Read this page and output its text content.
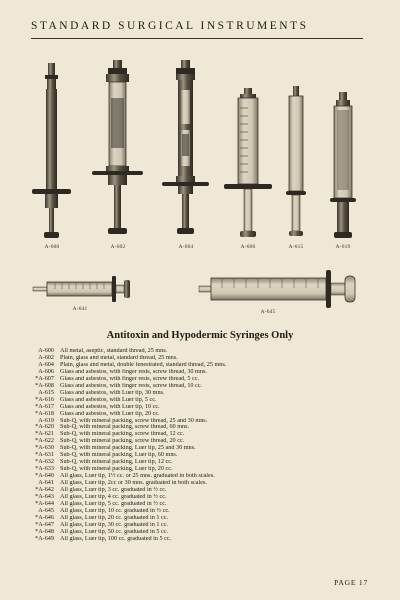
STANDARD SURGICAL INSTRUMENTS
A-600	A-602	A-604	A-606	A-615	A-619
A-641	A-645
Antitoxin and Hypodermic Syringes Only
A-600 All metal, aseptic, standard thread, 25 mns.
A-602 Plain, glass and metal, standard thread, 25 mns.
A-604 Plain, glass and metal, double fenestrated, standard thread, 25 mns.
A-606 Glass and asbestos, with finger rests, screw thread, 30 mns.
*A-607 Glass and asbestos, with finger rests, screw thread, 5 cc.
*A-608 Glass and asbestos, with finger rests, screw thread, 10 cc.
A-615 Glass and asbestos, with Luer tip, 30 mns.
*A-616 Glass and asbestos, with Luer tip, 5 cc.
*A-617 Glass and asbestos, with Luer tip, 10 cc.
*A-618 Glass and asbestos, with Luer tip, 20 cc.
A-619 Sub-Q, with mineral packing, screw thread, 25 and 30 mns.
*A-620 Sub-Q, with mineral packing, screw thread, 60 mns.
*A-621 Sub-Q, with mineral packing, screw thread, 12 cc.
*A-622 Sub-Q, with mineral packing, screw thread, 20 cc.
*A-630 Sub-Q, with mineral packing, Luer tip, 25 and 30 mns.
*A-631 Sub-Q, with mineral packing, Luer tip, 60 mns.
*A-632 Sub-Q, with mineral packing, Luer tip, 12 cc.
*A-633 Sub-Q, with mineral packing, Luer tip, 20 cc.
*A-640 All glass, Luer tip, 1½ cc. or 25 mns. graduated in both scales.
A-641 All glass, Luer tip, 2cc or 30 mns. graduated in both scales.
*A-642 All glass, Luer tip, 3 cc. graduated in ½ cc.
*A-643 All glass, Luer tip, 4 cc. graduated in ½ cc.
*A-644 All glass, Luer tip, 5 cc. graduated in ½ cc.
A-645 All glass, Luer tip, 10 cc. graduated in ½ cc.
*A-646 All glass, Luer tip, 20 cc. graduated in 1 cc.
*A-647 All glass, Luer tip, 30 cc. graduated in 1 cc.
*A-648 All glass, Luer tip, 50 cc. graduated in 5 cc.
*A-649 All glass, Luer tip, 100 cc. graduated in 5 cc.
PAGE 17
